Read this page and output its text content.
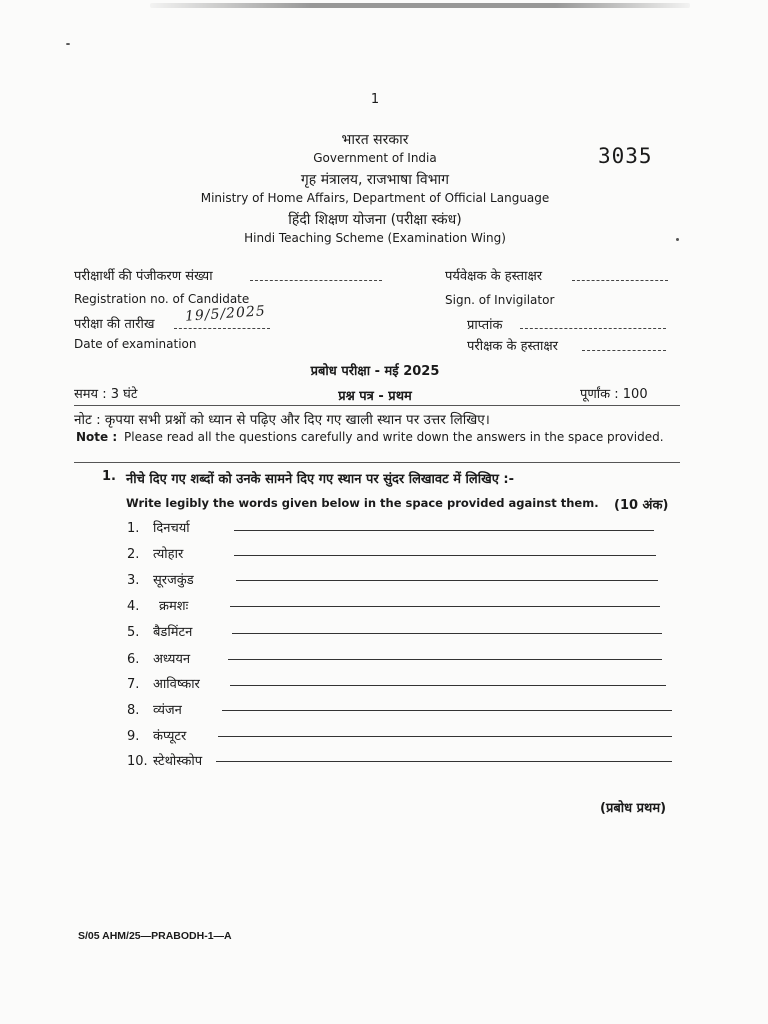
1
भारत सरकार
Government of India
गृह मंत्रालय, राजभाषा विभाग
Ministry of Home Affairs, Department of Official Language
हिंदी शिक्षण योजना (परीक्षा स्कंध)
Hindi Teaching Scheme (Examination Wing)
3035
परीक्षार्थी की पंजीकरण संख्या
Registration no. of Candidate
परीक्षा की तारीख 19/5/2025
Date of examination
पर्यवेक्षक के हस्ताक्षर
Sign. of Invigilator
प्राप्तांक
परीक्षक के हस्ताक्षर
प्रबोध परीक्षा - मई 2025
समय : 3 घंटे	प्रश्न पत्र - प्रथम	पूर्णांक : 100
नोट : कृपया सभी प्रश्नों को ध्यान से पढ़िए और दिए गए खाली स्थान पर उत्तर लिखिए।
Note : Please read all the questions carefully and write down the answers in the space provided.
1. नीचे दिए गए शब्दों को उनके सामने दिए गए स्थान पर सुंदर लिखावट में लिखिए :-
Write legibly the words given below in the space provided against them. (10 अंक)
1. दिनचर्या
2. त्योहार
3. सूरजकुंड
4. क्रमशः
5. बैडमिंटन
6. अध्ययन
7. आविष्कार
8. व्यंजन
9. कंप्यूटर
10. स्टेथोस्कोप
(प्रबोध प्रथम)
S/05 AHM/25—PRABODH-1—A
